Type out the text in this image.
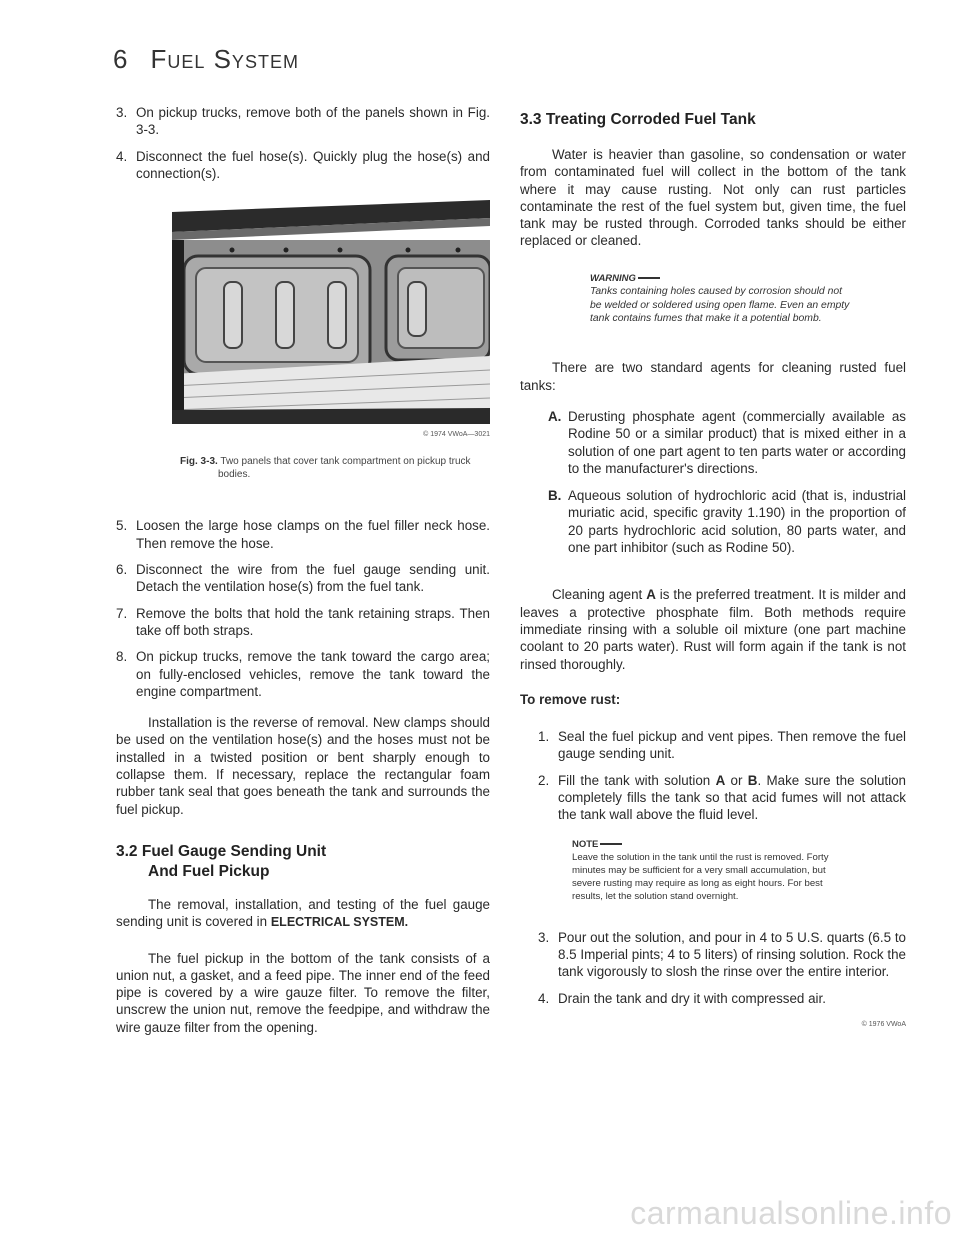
6 Fuel System
3. On pickup trucks, remove both of the panels shown in Fig. 3-3.
4. Disconnect the fuel hose(s). Quickly plug the hose(s) and connection(s).
© 1974 VWoA—3021
Fig. 3-3. Two panels that cover tank compartment on pickup truck bodies.
5. Loosen the large hose clamps on the fuel filler neck hose. Then remove the hose.
6. Disconnect the wire from the fuel gauge sending unit. Detach the ventilation hose(s) from the fuel tank.
7. Remove the bolts that hold the tank retaining straps. Then take off both straps.
8. On pickup trucks, remove the tank toward the cargo area; on fully-enclosed vehicles, remove the tank toward the engine compartment.

Installation is the reverse of removal. New clamps should be used on the ventilation hose(s) and the hoses must not be installed in a twisted position or bent sharply enough to collapse them. If necessary, replace the rectangular foam rubber tank seal that goes beneath the tank and surrounds the fuel pickup.

3.2 Fuel Gauge Sending Unit
And Fuel Pickup

The removal, installation, and testing of the fuel gauge sending unit is covered in ELECTRICAL SYSTEM.

The fuel pickup in the bottom of the tank consists of a union nut, a gasket, and a feed pipe. The inner end of the feed pipe is covered by a wire gauze filter. To remove the filter, unscrew the union nut, remove the feedpipe, and withdraw the wire gauze filter from the opening.

3.3 Treating Corroded Fuel Tank

Water is heavier than gasoline, so condensation or water from contaminated fuel will collect in the bottom of the tank where it may cause rusting. Not only can rust particles contaminate the rest of the fuel system but, given time, the fuel tank may be rusted through. Corroded tanks should be either replaced or cleaned.

WARNING
Tanks containing holes caused by corrosion should not be welded or soldered using open flame. Even an empty tank contains fumes that make it a potential bomb.

There are two standard agents for cleaning rusted fuel tanks:

A. Derusting phosphate agent (commercially available as Rodine 50 or a similar product) that is mixed either in a solution of one part agent to ten parts water or according to the manufacturer's directions.
B. Aqueous solution of hydrochloric acid (that is, industrial muriatic acid, specific gravity 1.190) in the proportion of 20 parts hydrochloric acid solution, 80 parts water, and one part inhibitor (such as Rodine 50).

Cleaning agent A is the preferred treatment. It is milder and leaves a protective phosphate film. Both methods require immediate rinsing with a soluble oil mixture (one part machine coolant to 20 parts water). Rust will form again if the tank is not rinsed thoroughly.

To remove rust:
1. Seal the fuel pickup and vent pipes. Then remove the fuel gauge sending unit.
2. Fill the tank with solution A or B. Make sure the solution completely fills the tank so that acid fumes will not attack the tank wall above the fluid level.
NOTE
Leave the solution in the tank until the rust is removed. Forty minutes may be sufficient for a very small accumulation, but severe rusting may require as long as eight hours. For best results, let the solution stand overnight.
3. Pour out the solution, and pour in 4 to 5 U.S. quarts (6.5 to 8.5 Imperial pints; 4 to 5 liters) of rinsing solution. Rock the tank vigorously to slosh the rinse over the entire interior.
4. Drain the tank and dry it with compressed air.
© 1976 VWoA
carmanualsonline.info
